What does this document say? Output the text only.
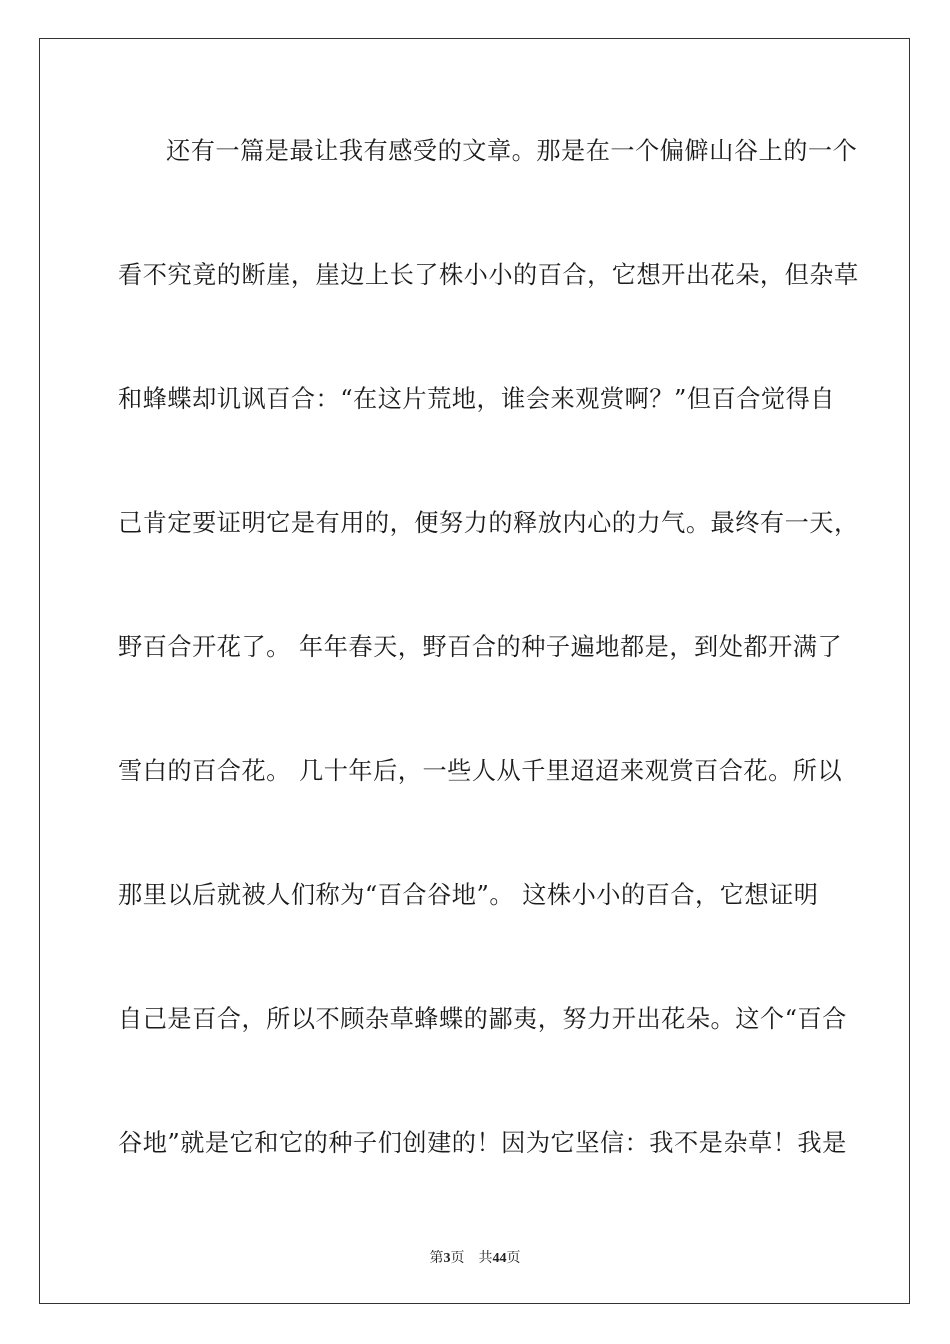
还有一篇是最让我有感受的文章。那是在一个偏僻山谷上的一个
看不究竟的断崖，崖边上长了株小小的百合，它想开出花朵，但杂草
和蜂蝶却讥讽百合：“在这片荒地，谁会来观赏啊？”但百合觉得自
己肯定要证明它是有用的，便努力的释放内心的力气。最终有一天，
野百合开花了。 年年春天，野百合的种子遍地都是，到处都开满了
雪白的百合花。 几十年后，一些人从千里迢迢来观赏百合花。所以
那里以后就被人们称为“百合谷地”。 这株小小的百合，它想证明
自己是百合，所以不顾杂草蜂蝶的鄙夷，努力开出花朵。这个“百合
谷地”就是它和它的种子们创建的！因为它坚信：我不是杂草！我是
第3页 共44页
